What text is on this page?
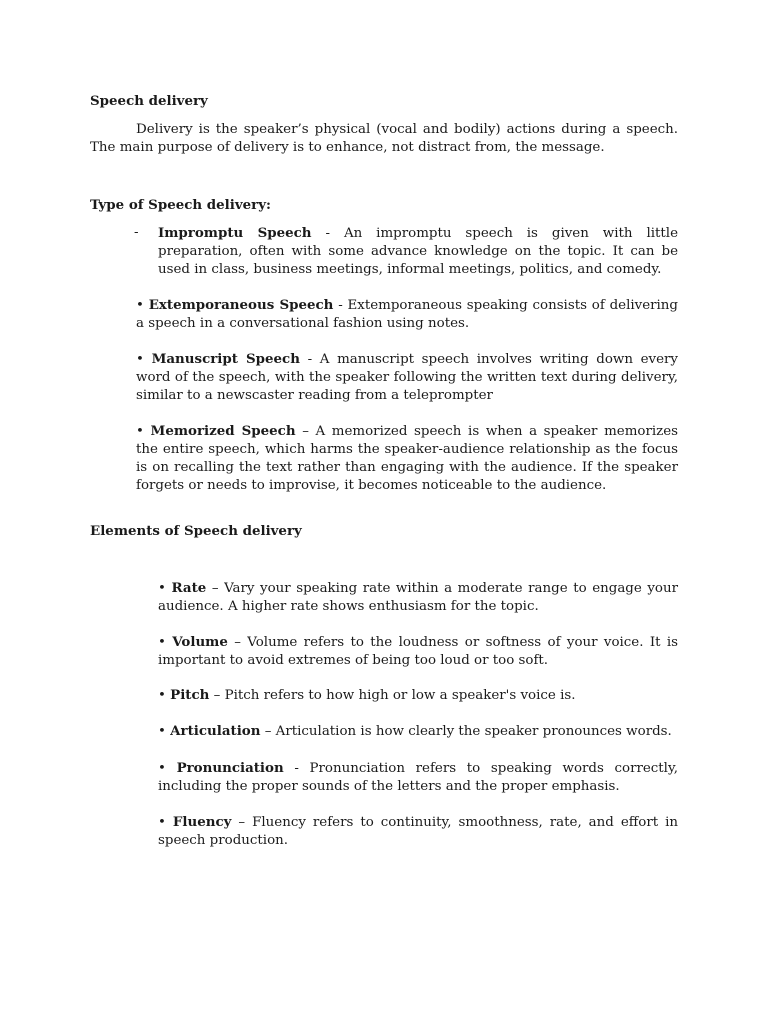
Speech delivery

Delivery is the speaker’s physical (vocal and bodily) actions during a speech. The main purpose of delivery is to enhance, not distract from, the message.

Type of Speech delivery:
- Impromptu Speech - An impromptu speech is given with little preparation, often with some advance knowledge on the topic. It can be used in class, business meetings, informal meetings, politics, and comedy.
• Extemporaneous Speech - Extemporaneous speaking consists of delivering a speech in a conversational fashion using notes.
• Manuscript Speech - A manuscript speech involves writing down every word of the speech, with the speaker following the written text during delivery, similar to a newscaster reading from a teleprompter
• Memorized Speech – A memorized speech is when a speaker memorizes the entire speech, which harms the speaker-audience relationship as the focus is on recalling the text rather than engaging with the audience. If the speaker forgets or needs to improvise, it becomes noticeable to the audience.
Elements of Speech delivery
• Rate – Vary your speaking rate within a moderate range to engage your audience. A higher rate shows enthusiasm for the topic.
• Volume – Volume refers to the loudness or softness of your voice. It is important to avoid extremes of being too loud or too soft.
• Pitch – Pitch refers to how high or low a speaker's voice is.
• Articulation – Articulation is how clearly the speaker pronounces words.
• Pronunciation - Pronunciation refers to speaking words correctly, including the proper sounds of the letters and the proper emphasis.
• Fluency – Fluency refers to continuity, smoothness, rate, and effort in speech production.
